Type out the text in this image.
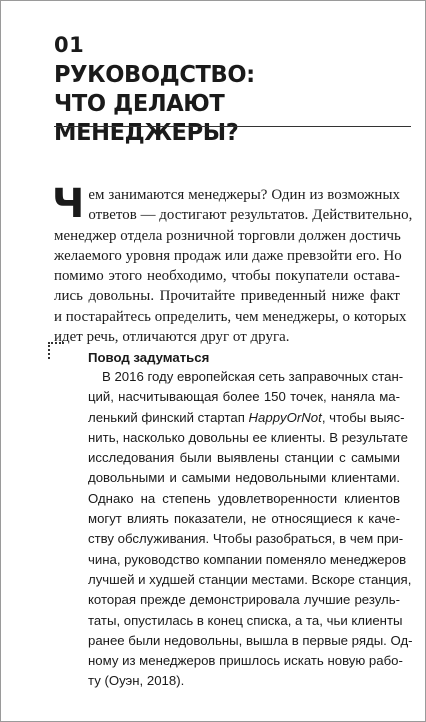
01
РУКОВОДСТВО:
ЧТО ДЕЛАЮТ МЕНЕДЖЕРЫ?
Ч ем занимаются менеджеры? Один из возможных
ответов — достигают результатов. Действительно,
менеджер отдела розничной торговли должен достичь
желаемого уровня продаж или даже превзойти его. Но
помимо этого необходимо, чтобы покупатели оставa-
лись довольны. Прочитайте приведенный ниже факт
и постарайтесь определить, чем менеджеры, о которых
идет речь, отличаются друг от друга.
Повод задуматься
В 2016 году европейская сеть заправочных стан-
ций, насчитывающая более 150 точек, наняла ма-
ленький финский стартап HappyOrNot, чтобы выяс-
нить, насколько довольны ее клиенты. В результате
исследования были выявлены станции с самыми
довольными и самыми недовольными клиентами.
Однако на степень удовлетворенности клиентов
могут влиять показатели, не относящиеся к каче-
ству обслуживания. Чтобы разобраться, в чем при-
чина, руководство компании поменяло менеджеров
лучшей и худшей станции местами. Вскоре станция,
которая прежде демонстрировала лучшие резуль-
таты, опустилась в конец списка, а та, чьи клиенты
ранее были недовольны, вышла в первые ряды. Од-
ному из менеджеров пришлось искать новую рабо-
ту (Оуэн, 2018).
